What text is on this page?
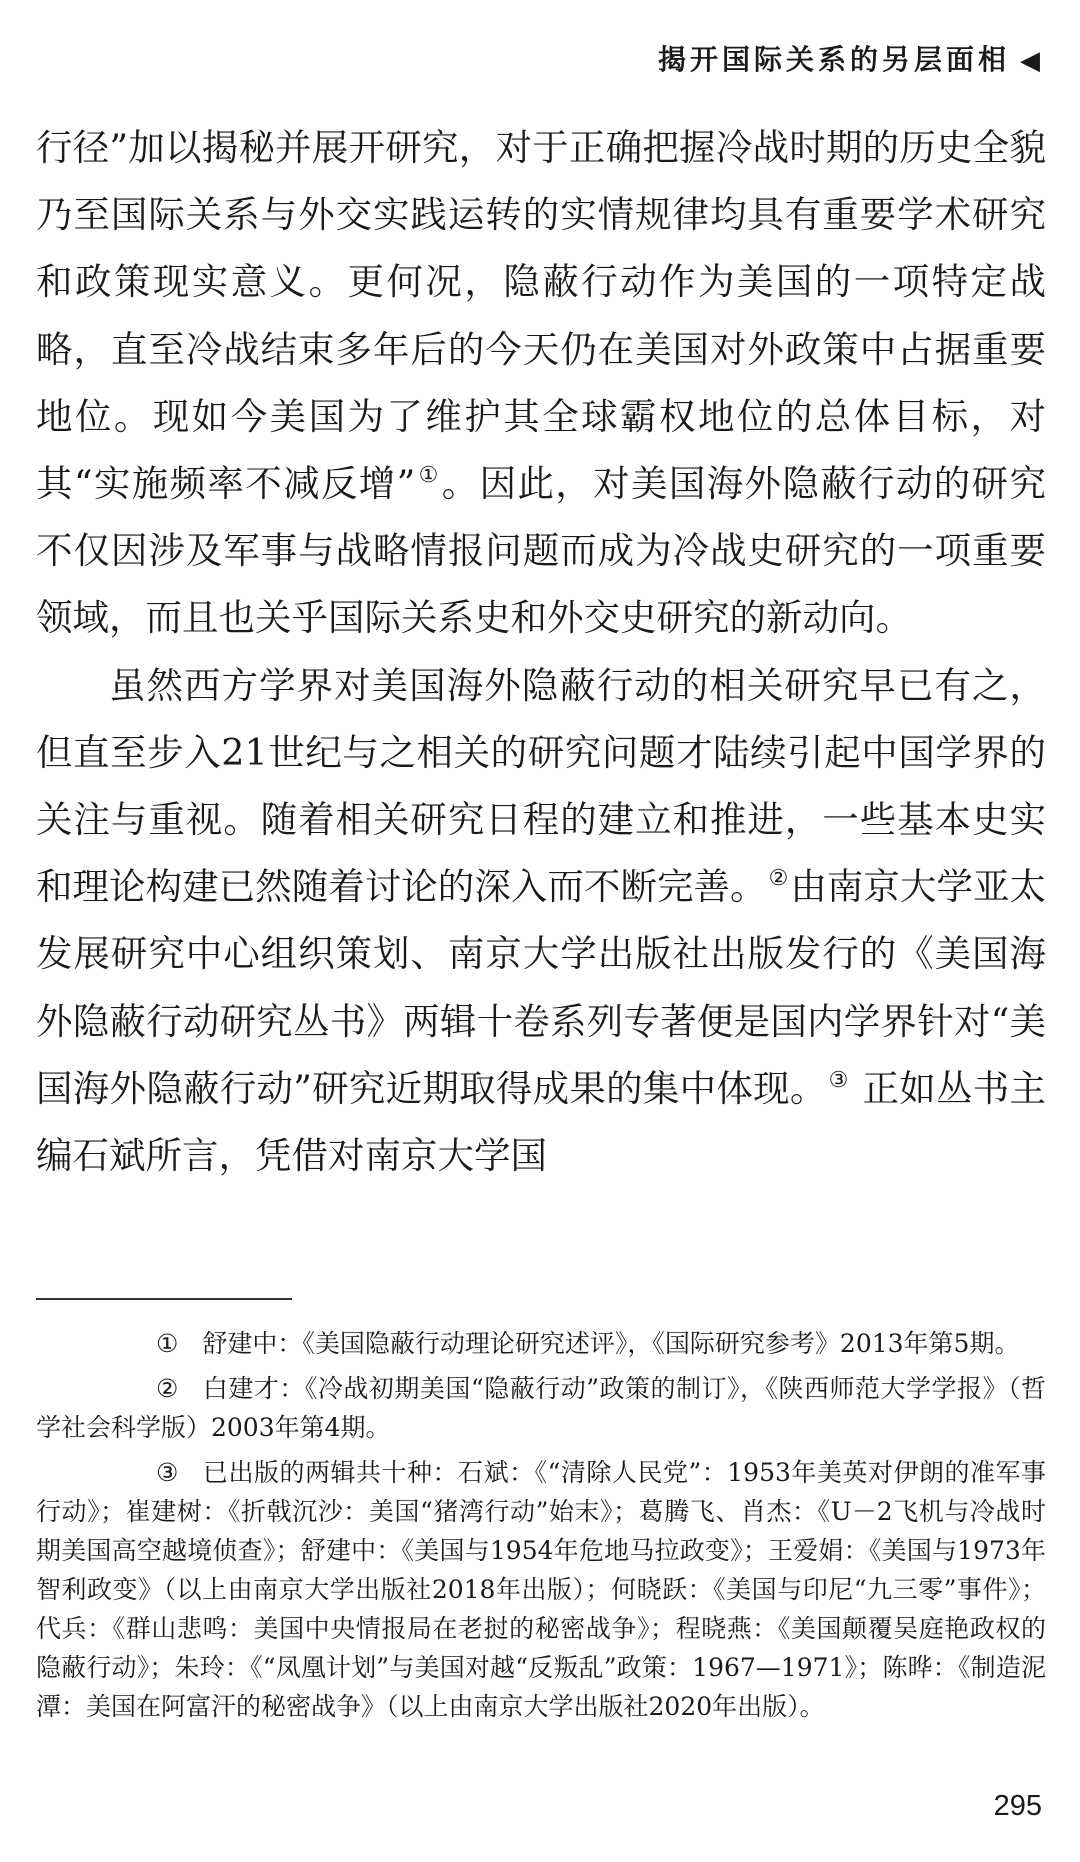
揭开国际关系的另层面相 ◀

行径”加以揭秘并展开研究，对于正确把握冷战时期的历史全貌乃至国际关系与外交实践运转的实情规律均具有重要学术研究和政策现实意义。更何况，隐蔽行动作为美国的一项特定战略，直至冷战结束多年后的今天仍在美国对外政策中占据重要地位。现如今美国为了维护其全球霸权地位的总体目标，对其“实施频率不减反增”①。因此，对美国海外隐蔽行动的研究不仅因涉及军事与战略情报问题而成为冷战史研究的一项重要领域，而且也关乎国际关系史和外交史研究的新动向。

虽然西方学界对美国海外隐蔽行动的相关研究早已有之，但直至步入21世纪与之相关的研究问题才陆续引起中国学界的关注与重视。随着相关研究日程的建立和推进，一些基本史实和理论构建已然随着讨论的深入而不断完善。②由南京大学亚太发展研究中心组织策划、南京大学出版社出版发行的《美国海外隐蔽行动研究丛书》两辑十卷系列专著便是国内学界针对“美国海外隐蔽行动”研究近期取得成果的集中体现。③ 正如丛书主编石斌所言，凭借对南京大学国

① 舒建中：《美国隐蔽行动理论研究述评》，《国际研究参考》2013年第5期。

② 白建才：《冷战初期美国“隐蔽行动”政策的制订》，《陕西师范大学学报》（哲学社会科学版）2003年第4期。

③ 已出版的两辑共十种：石斌：《“清除人民党”：1953年美英对伊朗的准军事行动》；崔建树：《折戟沉沙：美国“猪湾行动”始末》；葛腾飞、肖杰：《U－2飞机与冷战时期美国高空越境侦查》；舒建中：《美国与1954年危地马拉政变》；王爱娟：《美国与1973年智利政变》（以上由南京大学出版社2018年出版）；何晓跃：《美国与印尼“九三零”事件》；代兵：《群山悲鸣：美国中央情报局在老挝的秘密战争》；程晓燕：《美国颠覆吴庭艳政权的隐蔽行动》；朱玲：《“凤凰计划”与美国对越“反叛乱”政策：1967—1971》；陈晔：《制造泥潭：美国在阿富汗的秘密战争》（以上由南京大学出版社2020年出版）。

295
